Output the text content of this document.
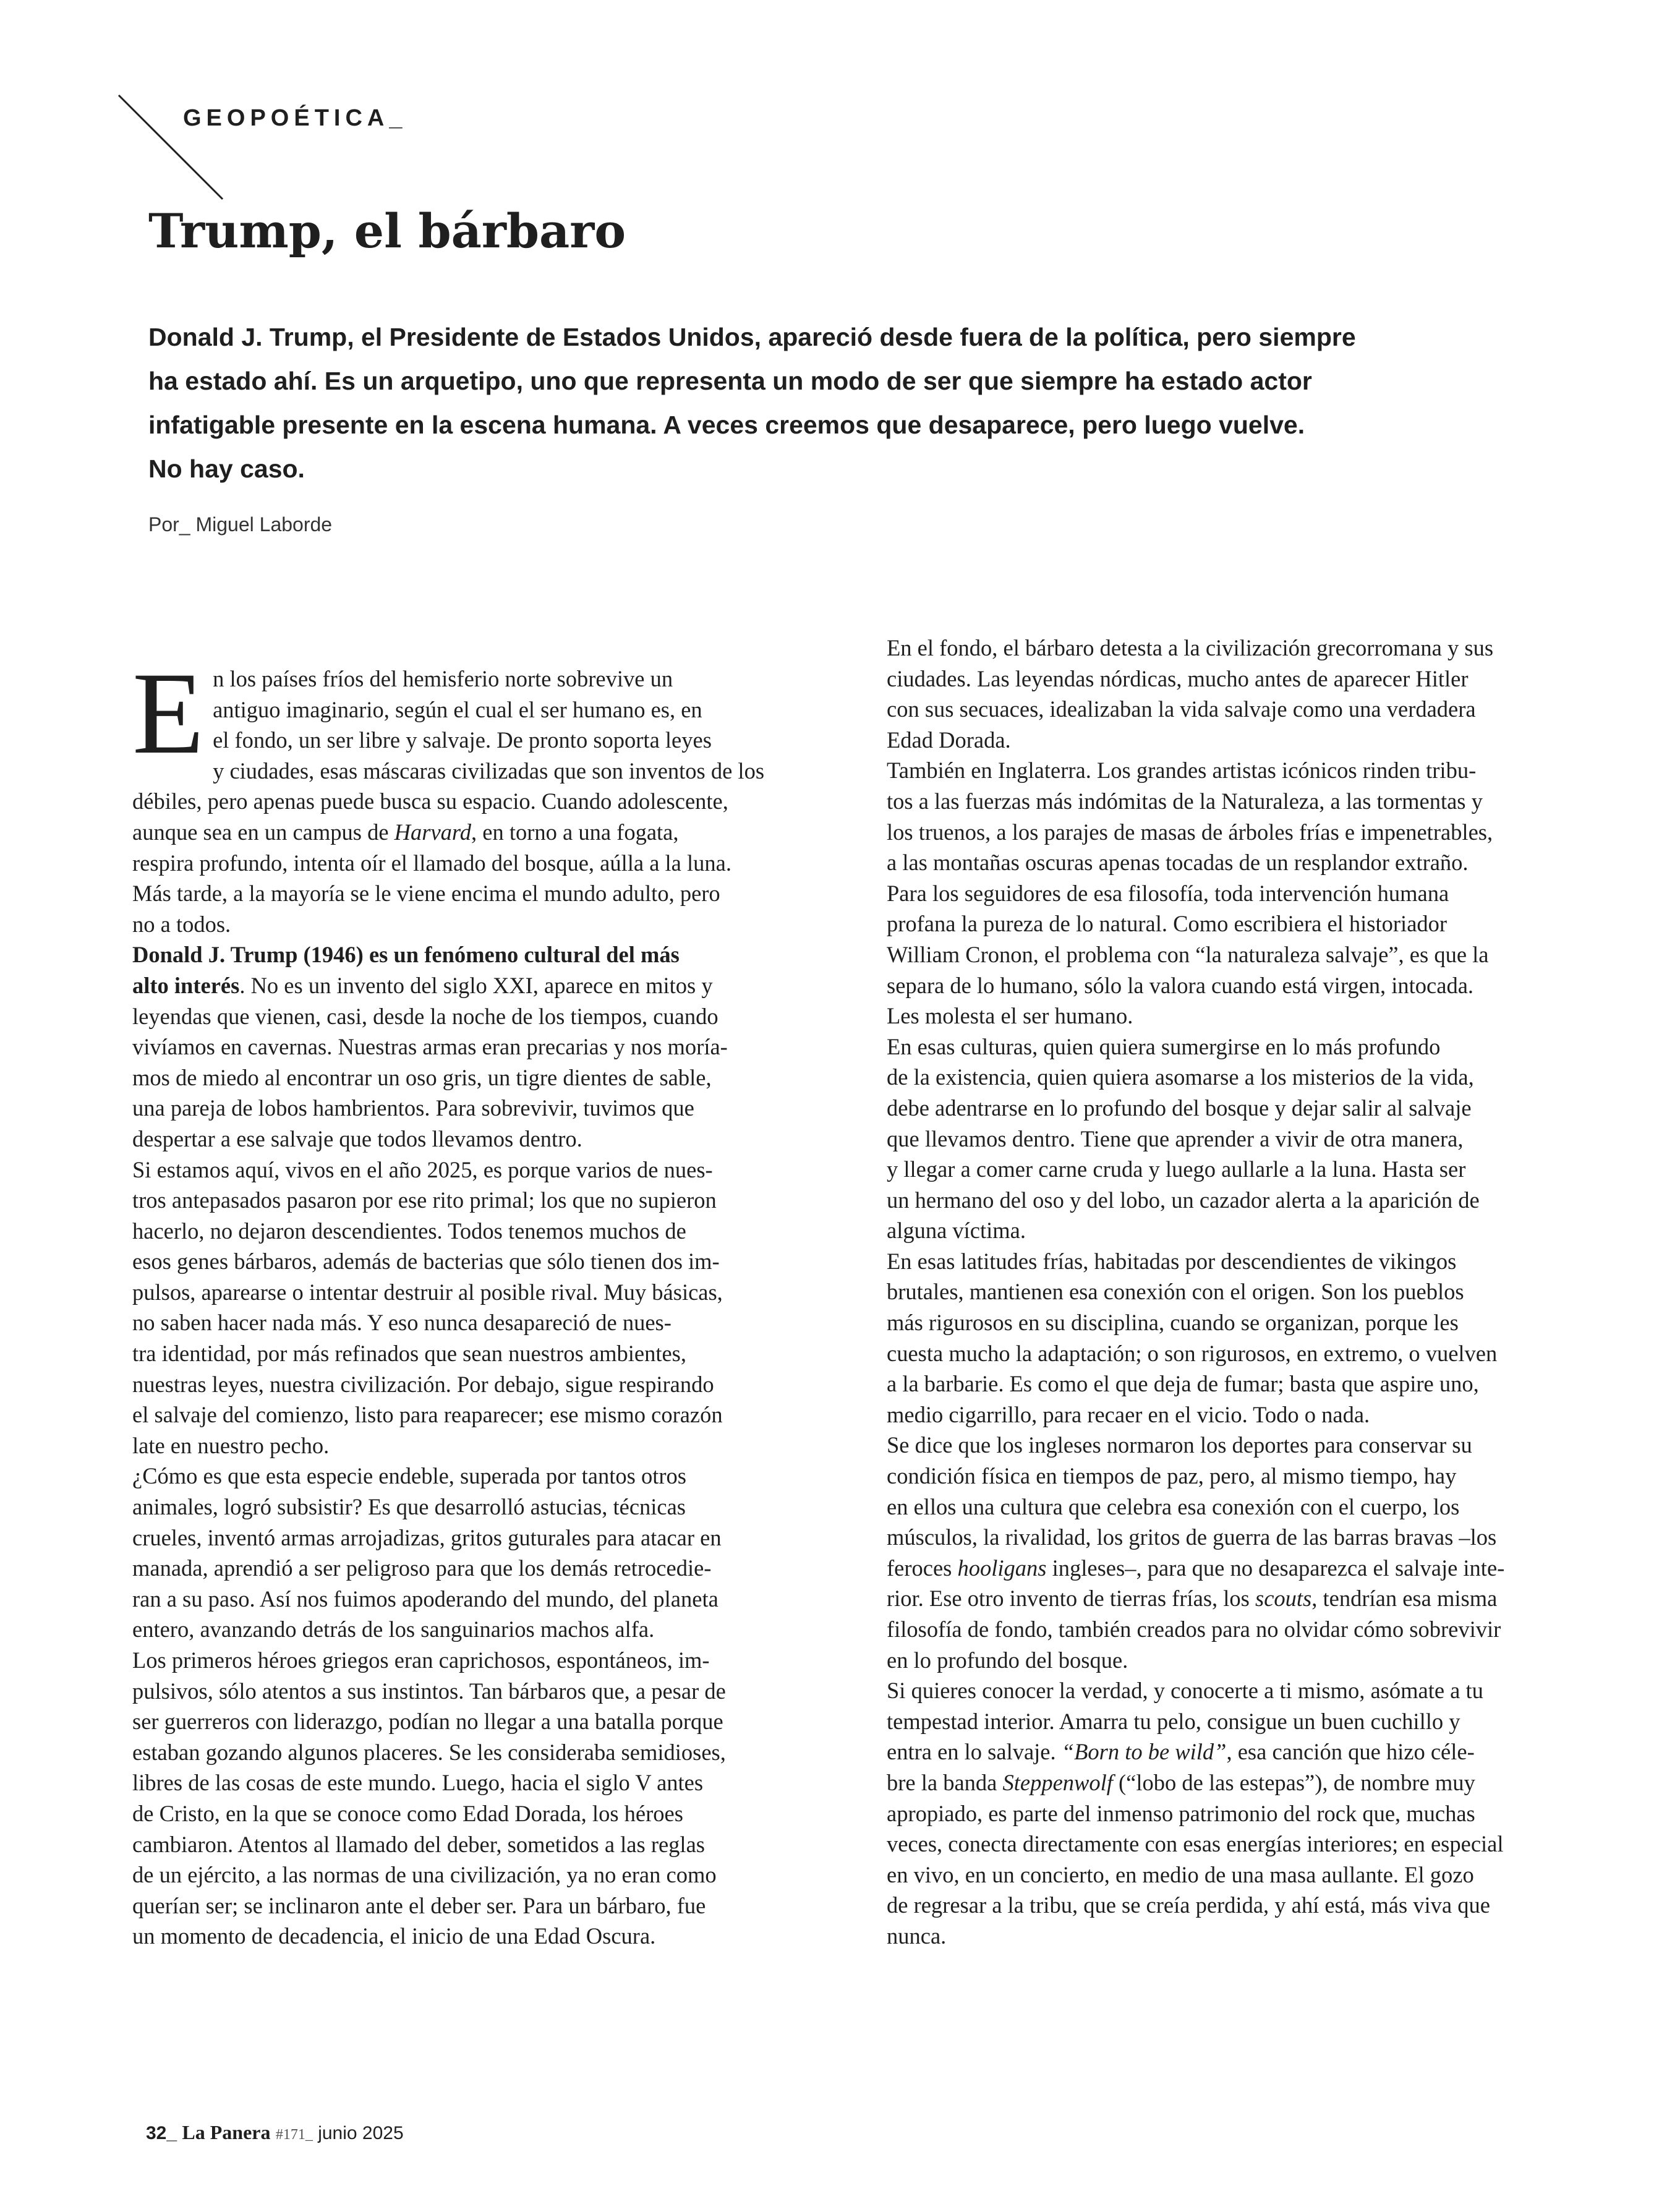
GEOPOÉTICA_
Trump, el bárbaro
Donald J. Trump, el Presidente de Estados Unidos, apareció desde fuera de la política, pero siempre
ha estado ahí. Es un arquetipo, uno que representa un modo de ser que siempre ha estado actor
infatigable presente en la escena humana. A veces creemos que desaparece, pero luego vuelve.
No hay caso.
Por_ Miguel Laborde
E n los países fríos del hemisferio norte sobrevive un
antiguo imaginario, según el cual el ser humano es, en
el fondo, un ser libre y salvaje. De pronto soporta leyes
y ciudades, esas máscaras civilizadas que son inventos de los
débiles, pero apenas puede busca su espacio. Cuando adolescente,
aunque sea en un campus de Harvard, en torno a una fogata,
respira profundo, intenta oír el llamado del bosque, aúlla a la luna.
Más tarde, a la mayoría se le viene encima el mundo adulto, pero
no a todos.
Donald J. Trump (1946) es un fenómeno cultural del más
alto interés. No es un invento del siglo XXI, aparece en mitos y
leyendas que vienen, casi, desde la noche de los tiempos, cuando
vivíamos en cavernas. Nuestras armas eran precarias y nos moría-
mos de miedo al encontrar un oso gris, un tigre dientes de sable,
una pareja de lobos hambrientos. Para sobrevivir, tuvimos que
despertar a ese salvaje que todos llevamos dentro.
Si estamos aquí, vivos en el año 2025, es porque varios de nues-
tros antepasados pasaron por ese rito primal; los que no supieron
hacerlo, no dejaron descendientes. Todos tenemos muchos de
esos genes bárbaros, además de bacterias que sólo tienen dos im-
pulsos, aparearse o intentar destruir al posible rival. Muy básicas,
no saben hacer nada más. Y eso nunca desapareció de nues-
tra identidad, por más refinados que sean nuestros ambientes,
nuestras leyes, nuestra civilización. Por debajo, sigue respirando
el salvaje del comienzo, listo para reaparecer; ese mismo corazón
late en nuestro pecho.
¿Cómo es que esta especie endeble, superada por tantos otros
animales, logró subsistir? Es que desarrolló astucias, técnicas
crueles, inventó armas arrojadizas, gritos guturales para atacar en
manada, aprendió a ser peligroso para que los demás retrocedie-
ran a su paso. Así nos fuimos apoderando del mundo, del planeta
entero, avanzando detrás de los sanguinarios machos alfa.
Los primeros héroes griegos eran caprichosos, espontáneos, im-
pulsivos, sólo atentos a sus instintos. Tan bárbaros que, a pesar de
ser guerreros con liderazgo, podían no llegar a una batalla porque
estaban gozando algunos placeres. Se les consideraba semidioses,
libres de las cosas de este mundo. Luego, hacia el siglo V antes
de Cristo, en la que se conoce como Edad Dorada, los héroes
cambiaron. Atentos al llamado del deber, sometidos a las reglas
de un ejército, a las normas de una civilización, ya no eran como
querían ser; se inclinaron ante el deber ser. Para un bárbaro, fue
un momento de decadencia, el inicio de una Edad Oscura.
En el fondo, el bárbaro detesta a la civilización grecorromana y sus
ciudades. Las leyendas nórdicas, mucho antes de aparecer Hitler
con sus secuaces, idealizaban la vida salvaje como una verdadera
Edad Dorada.
También en Inglaterra. Los grandes artistas icónicos rinden tribu-
tos a las fuerzas más indómitas de la Naturaleza, a las tormentas y
los truenos, a los parajes de masas de árboles frías e impenetrables,
a las montañas oscuras apenas tocadas de un resplandor extraño.
Para los seguidores de esa filosofía, toda intervención humana
profana la pureza de lo natural. Como escribiera el historiador
William Cronon, el problema con “la naturaleza salvaje”, es que la
separa de lo humano, sólo la valora cuando está virgen, intocada.
Les molesta el ser humano.
En esas culturas, quien quiera sumergirse en lo más profundo
de la existencia, quien quiera asomarse a los misterios de la vida,
debe adentrarse en lo profundo del bosque y dejar salir al salvaje
que llevamos dentro. Tiene que aprender a vivir de otra manera,
y llegar a comer carne cruda y luego aullarle a la luna. Hasta ser
un hermano del oso y del lobo, un cazador alerta a la aparición de
alguna víctima.
En esas latitudes frías, habitadas por descendientes de vikingos
brutales, mantienen esa conexión con el origen. Son los pueblos
más rigurosos en su disciplina, cuando se organizan, porque les
cuesta mucho la adaptación; o son rigurosos, en extremo, o vuelven
a la barbarie. Es como el que deja de fumar; basta que aspire uno,
medio cigarrillo, para recaer en el vicio. Todo o nada.
Se dice que los ingleses normaron los deportes para conservar su
condición física en tiempos de paz, pero, al mismo tiempo, hay
en ellos una cultura que celebra esa conexión con el cuerpo, los
músculos, la rivalidad, los gritos de guerra de las barras bravas –los
feroces hooligans ingleses–, para que no desaparezca el salvaje inte-
rior. Ese otro invento de tierras frías, los scouts, tendrían esa misma
filosofía de fondo, también creados para no olvidar cómo sobrevivir
en lo profundo del bosque.
Si quieres conocer la verdad, y conocerte a ti mismo, asómate a tu
tempestad interior. Amarra tu pelo, consigue un buen cuchillo y
entra en lo salvaje. “Born to be wild”, esa canción que hizo céle-
bre la banda Steppenwolf (“lobo de las estepas”), de nombre muy
apropiado, es parte del inmenso patrimonio del rock que, muchas
veces, conecta directamente con esas energías interiores; en especial
en vivo, en un concierto, en medio de una masa aullante. El gozo
de regresar a la tribu, que se creía perdida, y ahí está, más viva que
nunca.
32_ La Panera #171_ junio 2025
